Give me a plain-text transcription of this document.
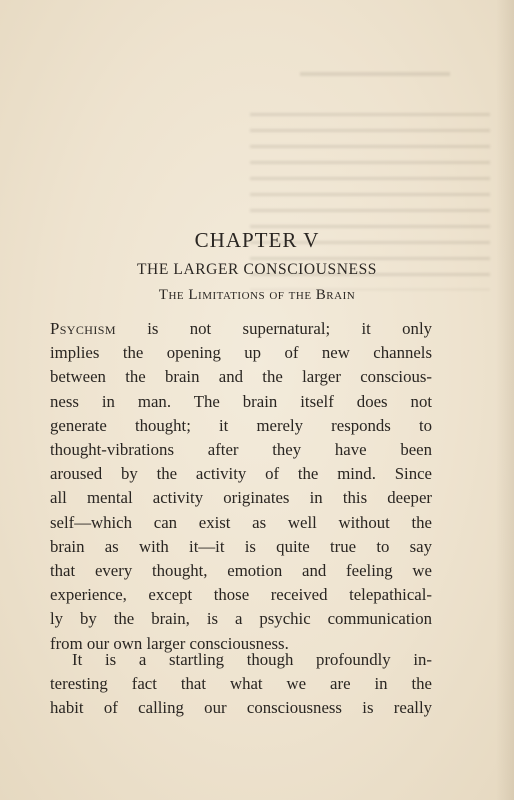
CHAPTER V
THE LARGER CONSCIOUSNESS
The Limitations of the Brain
Psychism is not supernatural; it only
implies the opening up of new channels
between the brain and the larger conscious-
ness in man. The brain itself does not
generate thought; it merely responds to
thought-vibrations after they have been
aroused by the activity of the mind. Since
all mental activity originates in this deeper
self—which can exist as well without the
brain as with it—it is quite true to say
that every thought, emotion and feeling we
experience, except those received telepathical-
ly by the brain, is a psychic communication
from our own larger consciousness.
It is a startling though profoundly in-
teresting fact that what we are in the
habit of calling our consciousness is really
